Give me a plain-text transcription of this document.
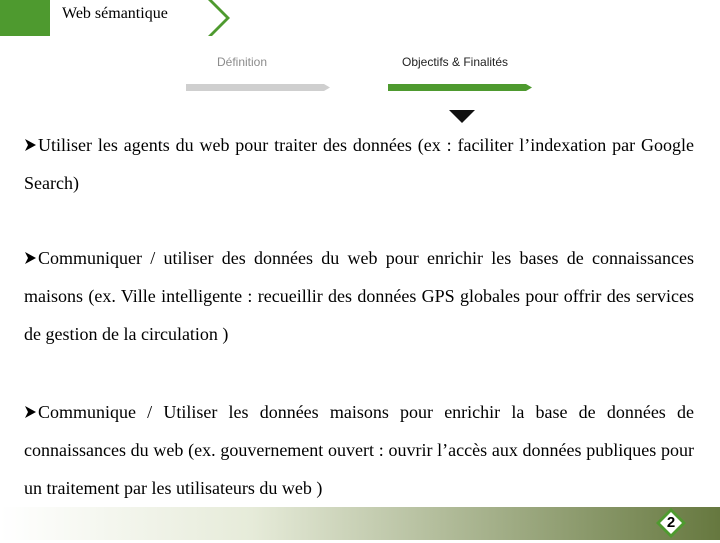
Web sémantique
Définition	Objectifs & Finalités

Utiliser les agents du web pour traiter des données (ex : faciliter l’indexation par Google Search)

Communiquer / utiliser des données du web pour enrichir les bases de connaissances maisons (ex. Ville intelligente : recueillir des données GPS globales pour offrir des services de gestion de la circulation )

Communique / Utiliser les données maisons pour enrichir la base de données de connaissances du web (ex. gouvernement ouvert : ouvrir l’accès aux données publiques pour un traitement par les utilisateurs du web )

2
